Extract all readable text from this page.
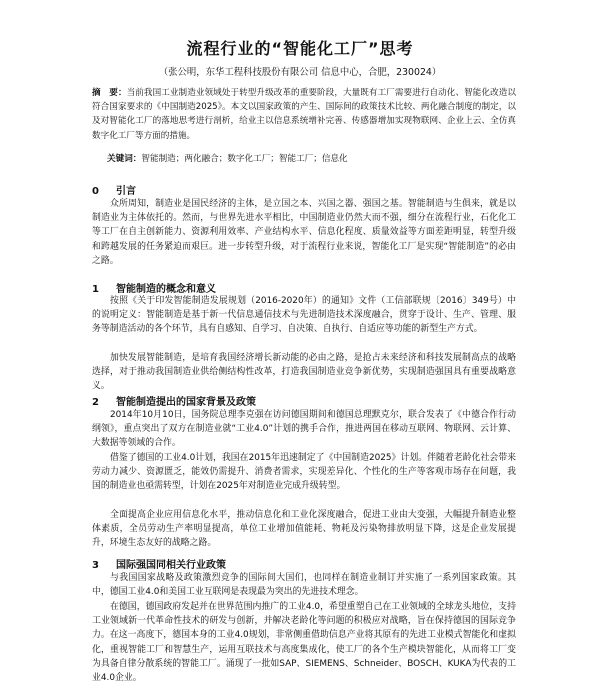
流程行业的“智能化工厂”思考
（张公明，东华工程科技股份有限公司 信息中心，合肥，230024）
摘　要：当前我国工业制造业领域处于转型升级改革的重要阶段，大量既有工厂需要进行自动化、智能化改造以符合国家要求的《中国制造2025》。本文以国家政策的产生、国际间的政策技术比较、两化融合制度的制定，以及对智能化工厂的落地思考进行剖析，给业主以信息系统增补完善、传感器增加实现物联网、企业上云、全仿真数字化工厂等方面的措施。
关键词：智能制造；两化融合；数字化工厂；智能工厂；信息化
0 引言
众所周知，制造业是国民经济的主体，是立国之本、兴国之器、强国之基。智能制造与生俱来，就是以制造业为主体依托的。然而，与世界先进水平相比，中国制造业仍然大而不强，细分在流程行业，石化化工等工厂在自主创新能力、资源利用效率、产业结构水平、信息化程度、质量效益等方面差距明显，转型升级和跨越发展的任务紧迫而艰巨。进一步转型升级，对于流程行业来说，智能化工厂是实现“智能制造”的必由之路。
1 智能制造的概念和意义
按照《关于印发智能制造发展规划（2016-2020年）的通知》文件（工信部联规〔2016〕349号）中的说明定义：智能制造是基于新一代信息通信技术与先进制造技术深度融合，贯穿于设计、生产、管理、服务等制造活动的各个环节，具有自感知、自学习、自决策、自执行、自适应等功能的新型生产方式。
加快发展智能制造，是培育我国经济增长新动能的必由之路，是抢占未来经济和科技发展制高点的战略选择，对于推动我国制造业供给侧结构性改革，打造我国制造业竞争新优势，实现制造强国具有重要战略意义。
2 智能制造提出的国家背景及政策
2014年10月10日，国务院总理李克强在访问德国期间和德国总理默克尔，联合发表了《中德合作行动纲领》，重点突出了双方在制造业就“工业4.0”计划的携手合作，推进两国在移动互联网、物联网、云计算、大数据等领域的合作。
借鉴了德国的工业4.0计划，我国在2015年迅速制定了《中国制造2025》计划。伴随着老龄化社会带来劳动力减少、资源匮乏，能效仍需提升、消费者需求，实现差异化、个性化的生产等客观市场存在问题，我国的制造业也亟需转型，计划在2025年对制造业完成升级转型。
全面提高企业应用信息化水平，推动信息化和工业化深度融合，促进工业由大变强，大幅提升制造业整体素质，全员劳动生产率明显提高，单位工业增加值能耗、物耗及污染物排放明显下降，这是企业发展提升，环境生态友好的战略之路。
3 国际强国同相关行业政策
与我国国家战略及政策激烈竞争的国际间大国们，也同样在制造业制订并实施了一系列国家政策。其中，德国工业4.0和美国工业互联网是表现最为突出的先进技术理念。
在德国，德国政府发起并在世界范围内推广的工业4.0，希望重塑自己在工业领域的全球龙头地位，支持工业领域新一代革命性技术的研发与创新，并解决老龄化等问题的积极应对战略，旨在保持德国的国际竞争力。在这一高度下，德国本身的工业4.0规划，非常侧重借助信息产业将其原有的先进工业模式智能化和虚拟化，重视智能工厂和智慧生产，运用互联技术与高度集成化，使工厂的各个生产模块智能化，从而将工厂变为具备自律分散系统的智能工厂。涌现了一批如SAP、SIEMENS、Schneider、BOSCH、KUKA为代表的工业4.0企业。
